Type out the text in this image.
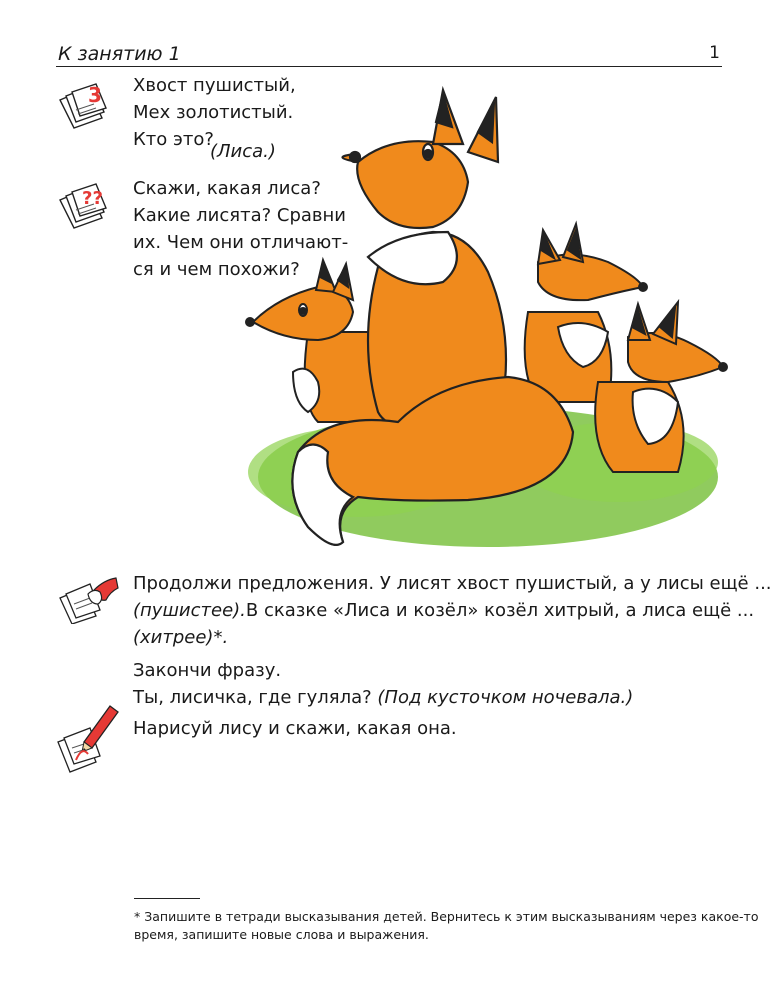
К занятию 1	1
3 Хвост пушистый,
Мех золотистый.
Кто это?
(Лиса.)
?? Скажи, какая лиса?
Какие лисята? Сравни
их. Чем они отличают-
ся и чем похожи?
Продолжи предложения. У лисят хвост пушистый, а у лисы ещё ...
(пушистее). В сказке «Лиса и козёл» козёл хитрый, а лиса ещё ...
(хитрее)*.
Закончи фразу.
Ты, лисичка, где гуляла? (Под кусточком ночевала.)
Нарисуй лису и скажи, какая она.
* Запишите в тетради высказывания детей. Вернитесь к этим высказываниям через какое-то
время, запишите новые слова и выражения.
